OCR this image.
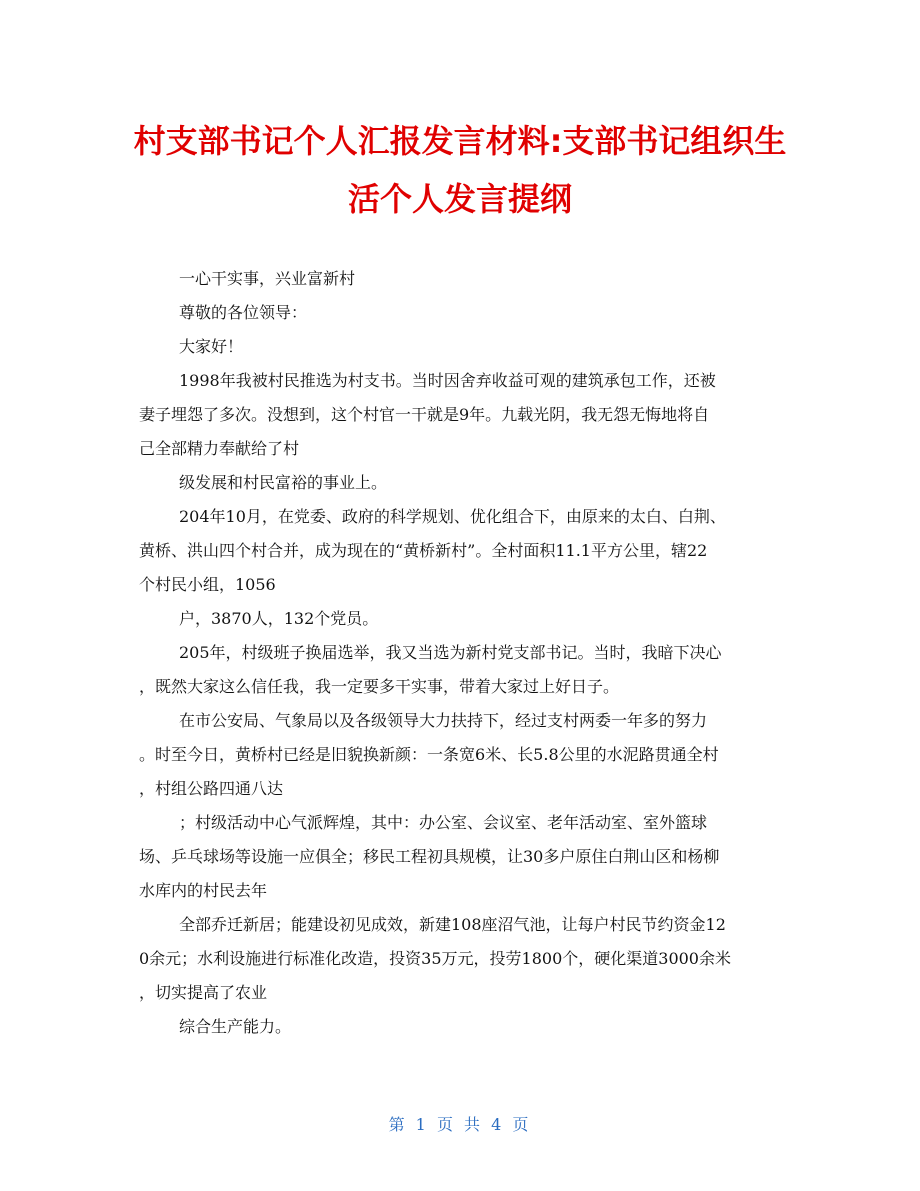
村支部书记个人汇报发言材料:支部书记组织生
活个人发言提纲
一心干实事，兴业富新村
尊敬的各位领导：
大家好！
1998年我被村民推选为村支书。当时因舍弃收益可观的建筑承包工作，还被
妻子埋怨了多次。没想到，这个村官一干就是9年。九载光阴，我无怨无悔地将自
己全部精力奉献给了村
级发展和村民富裕的事业上。
204年10月，在党委、政府的科学规划、优化组合下，由原来的太白、白荆、
黄桥、洪山四个村合并，成为现在的“黄桥新村”。全村面积11.1平方公里，辖22
个村民小组，1056
户，3870人，132个党员。
205年，村级班子换届选举，我又当选为新村党支部书记。当时，我暗下决心
，既然大家这么信任我，我一定要多干实事，带着大家过上好日子。
在市公安局、气象局以及各级领导大力扶持下，经过支村两委一年多的努力
。时至今日，黄桥村已经是旧貌换新颜：一条宽6米、长5.8公里的水泥路贯通全村
，村组公路四通八达
；村级活动中心气派辉煌，其中：办公室、会议室、老年活动室、室外篮球
场、乒乓球场等设施一应俱全；移民工程初具规模，让30多户原住白荆山区和杨柳
水库内的村民去年
全部乔迁新居；能建设初见成效，新建108座沼气池，让每户村民节约资金12
0余元；水利设施进行标准化改造，投资35万元，投劳1800个，硬化渠道3000余米
，切实提高了农业
综合生产能力。
第 1 页 共 4 页
